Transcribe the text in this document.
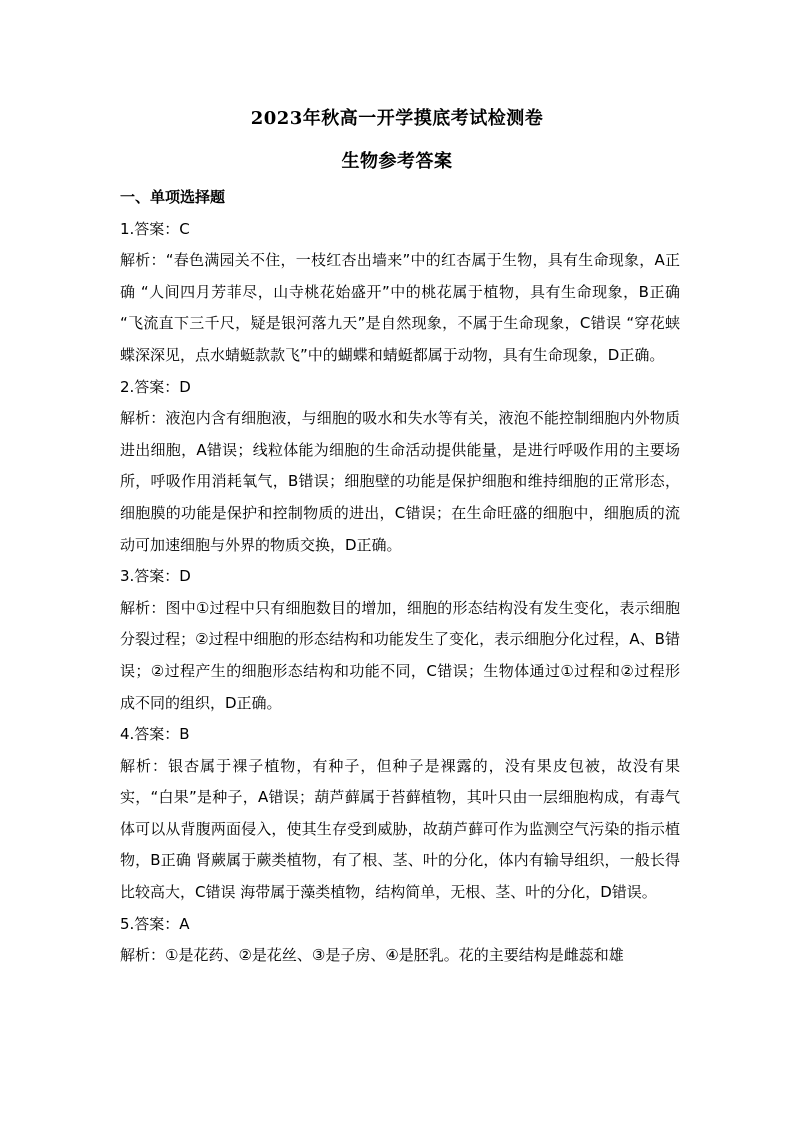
2023年秋高一开学摸底考试检测卷
生物参考答案

一、单项选择题

1.答案：C

解析：“春色满园关不住，一枝红杏出墙来”中的红杏属于生物，具有生命现象，A正确 “人间四月芳菲尽，山寺桃花始盛开”中的桃花属于植物，具有生命现象，B正确 “飞流直下三千尺，疑是银河落九天”是自然现象，不属于生命现象，C错误 “穿花蛱蝶深深见，点水蜻蜓款款飞”中的蝴蝶和蜻蜓都属于动物，具有生命现象，D正确。

2.答案：D

解析：液泡内含有细胞液，与细胞的吸水和失水等有关，液泡不能控制细胞内外物质进出细胞，A错误；线粒体能为细胞的生命活动提供能量，是进行呼吸作用的主要场所，呼吸作用消耗氧气，B错误；细胞壁的功能是保护细胞和维持细胞的正常形态，细胞膜的功能是保护和控制物质的进出，C错误；在生命旺盛的细胞中，细胞质的流动可加速细胞与外界的物质交换，D正确。

3.答案：D

解析：图中①过程中只有细胞数目的增加，细胞的形态结构没有发生变化，表示细胞分裂过程；②过程中细胞的形态结构和功能发生了变化，表示细胞分化过程，A、B错误；②过程产生的细胞形态结构和功能不同，C错误；生物体通过①过程和②过程形成不同的组织，D正确。

4.答案：B

解析：银杏属于裸子植物，有种子，但种子是裸露的，没有果皮包被，故没有果实，“白果”是种子，A错误；葫芦藓属于苔藓植物，其叶只由一层细胞构成，有毒气体可以从背腹两面侵入，使其生存受到威胁，故葫芦藓可作为监测空气污染的指示植物，B正确 肾蕨属于蕨类植物，有了根、茎、叶的分化，体内有输导组织，一般长得比较高大，C错误 海带属于藻类植物，结构简单，无根、茎、叶的分化，D错误。

5.答案：A

解析：①是花药、②是花丝、③是子房、④是胚乳。花的主要结构是雌蕊和雄
